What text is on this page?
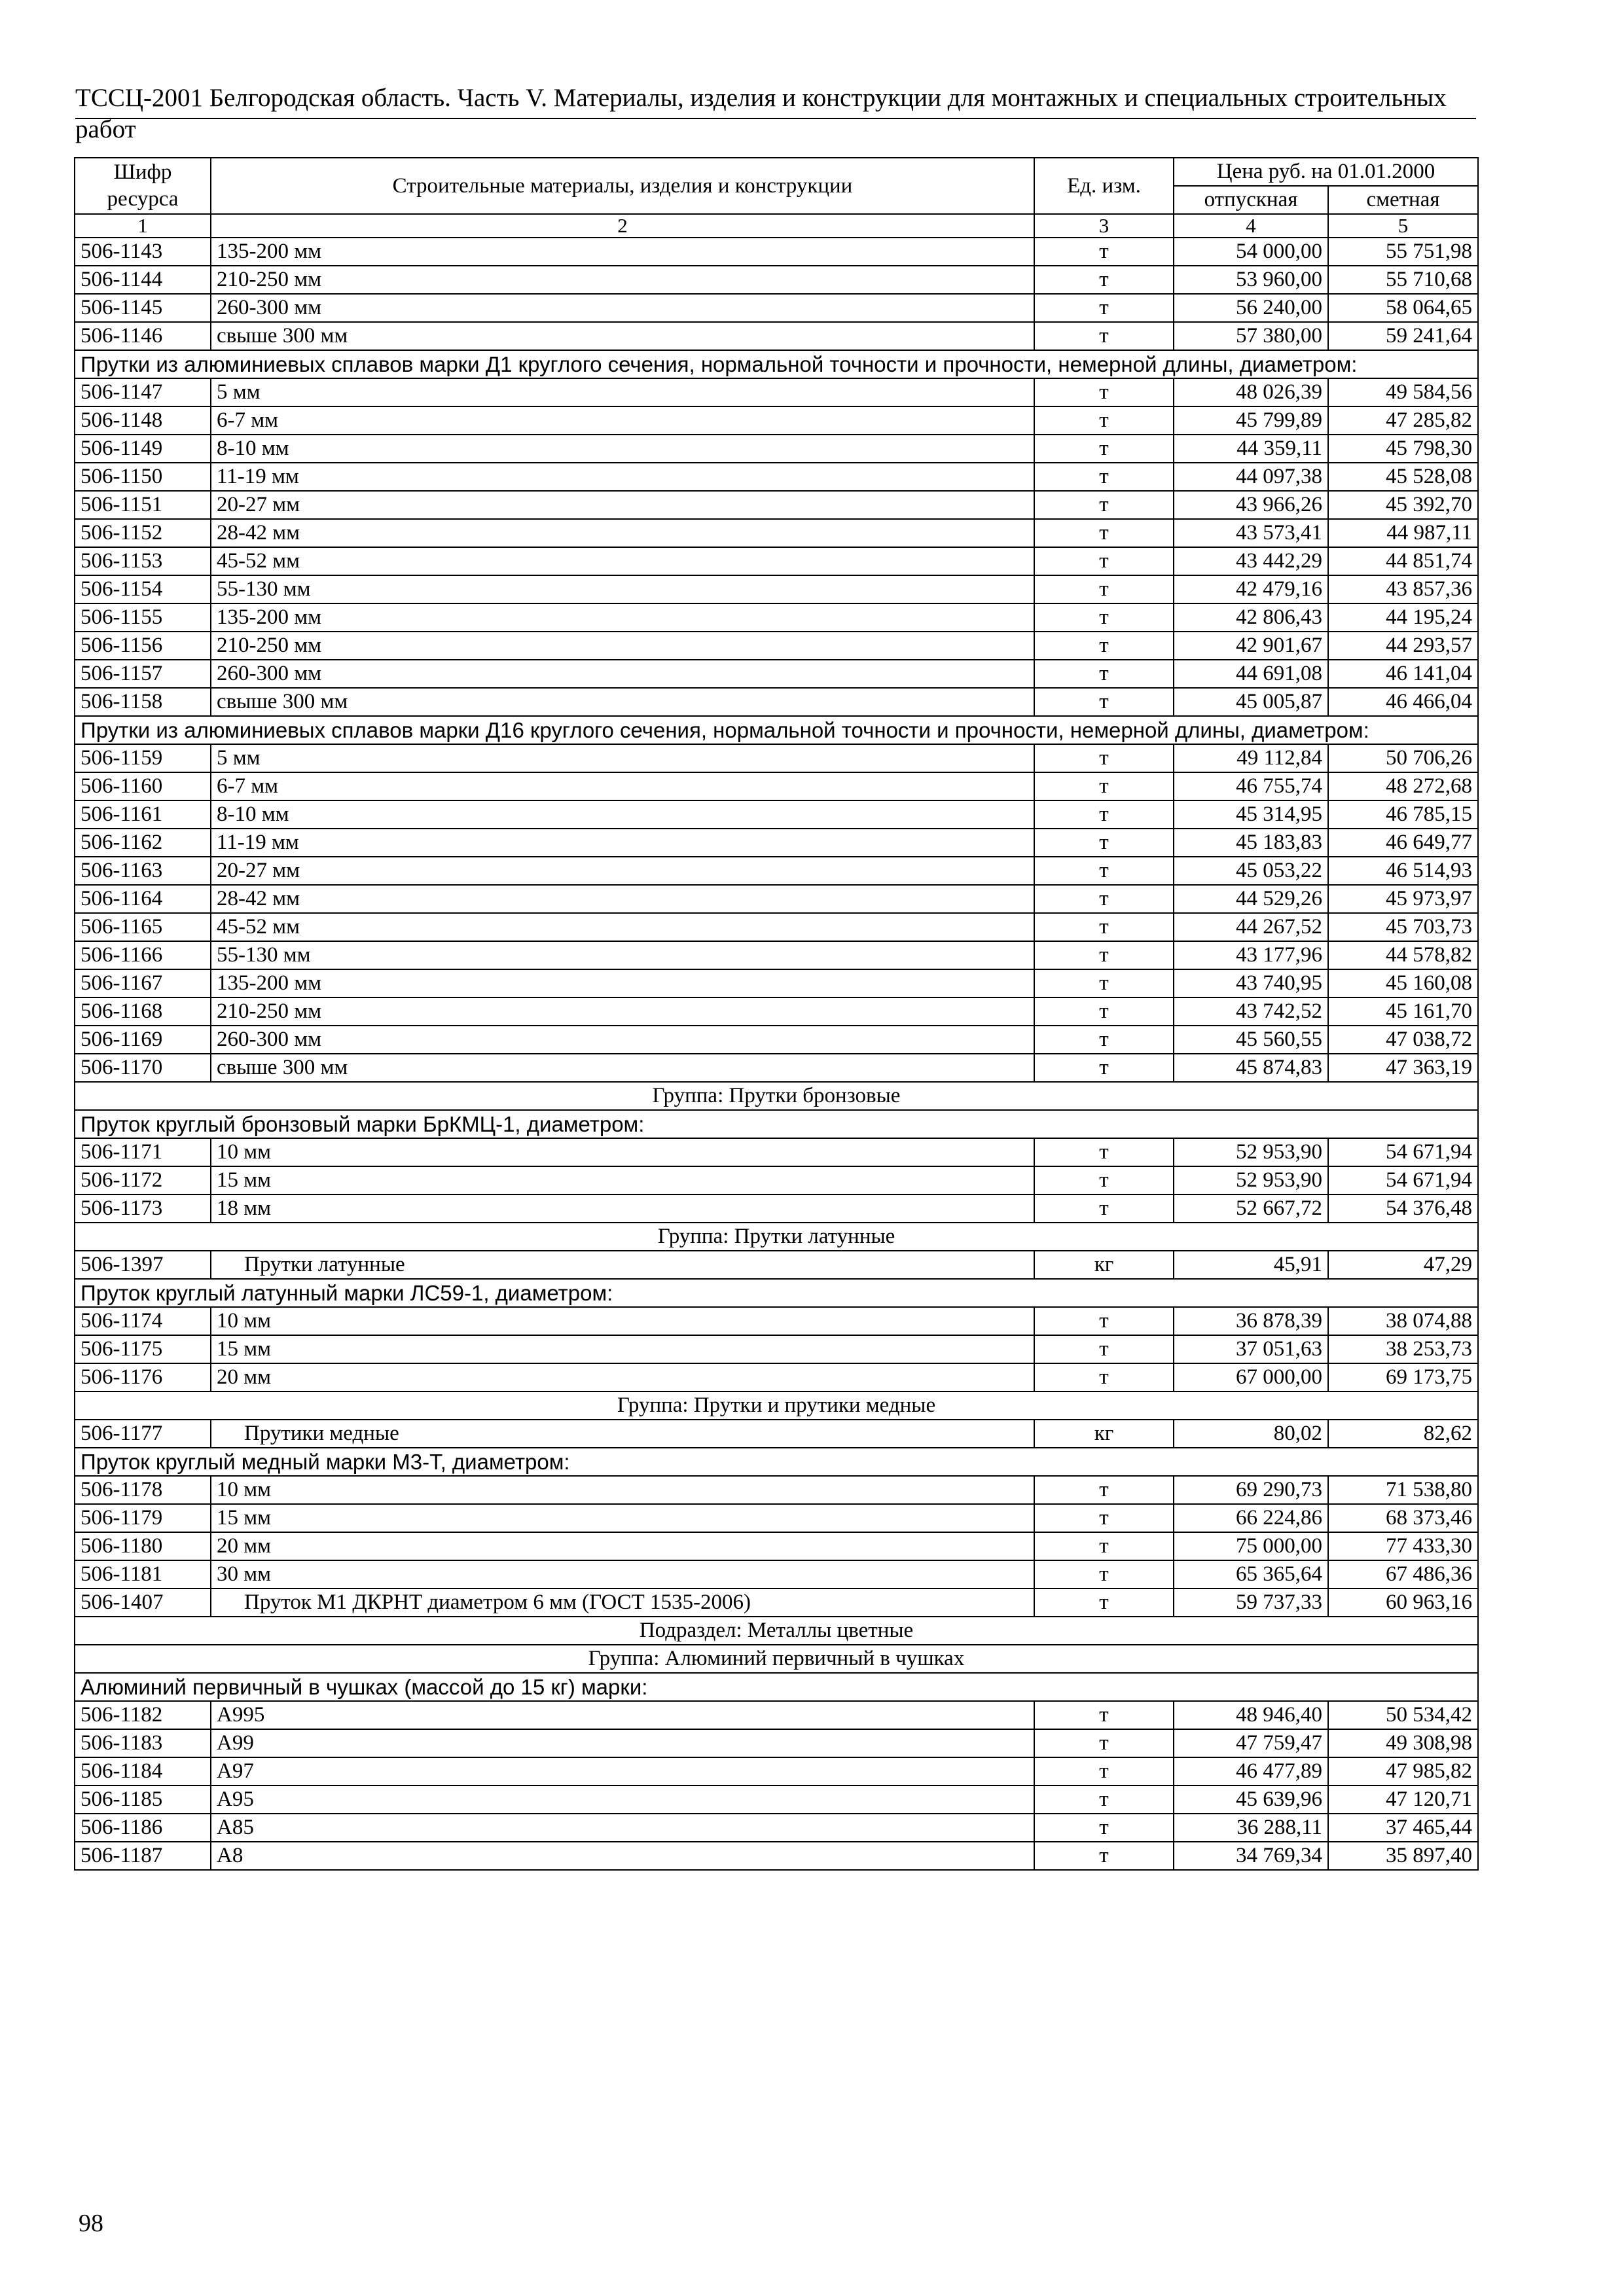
ТССЦ-2001 Белгородская область. Часть V. Материалы, изделия и конструкции для монтажных и специальных строительных работ
Шифр ресурса	Строительные материалы, изделия и конструкции	Ед. изм.	Цена руб. на 01.01.2000	
			отпускная	сметная
1	2	3	4	5
506-1143	135-200 мм	т	54 000,00	55 751,98
506-1144	210-250 мм	т	53 960,00	55 710,68
506-1145	260-300 мм	т	56 240,00	58 064,65
506-1146	свыше 300 мм	т	57 380,00	59 241,64
Прутки из алюминиевых сплавов марки Д1 круглого сечения, нормальной точности и прочности, немерной длины, диаметром:				
506-1147	5 мм	т	48 026,39	49 584,56
506-1148	6-7 мм	т	45 799,89	47 285,82
506-1149	8-10 мм	т	44 359,11	45 798,30
506-1150	11-19 мм	т	44 097,38	45 528,08
506-1151	20-27 мм	т	43 966,26	45 392,70
506-1152	28-42 мм	т	43 573,41	44 987,11
506-1153	45-52 мм	т	43 442,29	44 851,74
506-1154	55-130 мм	т	42 479,16	43 857,36
506-1155	135-200 мм	т	42 806,43	44 195,24
506-1156	210-250 мм	т	42 901,67	44 293,57
506-1157	260-300 мм	т	44 691,08	46 141,04
506-1158	свыше 300 мм	т	45 005,87	46 466,04
Прутки из алюминиевых сплавов марки Д16 круглого сечения, нормальной точности и прочности, немерной длины, диаметром:				
506-1159	5 мм	т	49 112,84	50 706,26
506-1160	6-7 мм	т	46 755,74	48 272,68
506-1161	8-10 мм	т	45 314,95	46 785,15
506-1162	11-19 мм	т	45 183,83	46 649,77
506-1163	20-27 мм	т	45 053,22	46 514,93
506-1164	28-42 мм	т	44 529,26	45 973,97
506-1165	45-52 мм	т	44 267,52	45 703,73
506-1166	55-130 мм	т	43 177,96	44 578,82
506-1167	135-200 мм	т	43 740,95	45 160,08
506-1168	210-250 мм	т	43 742,52	45 161,70
506-1169	260-300 мм	т	45 560,55	47 038,72
506-1170	свыше 300 мм	т	45 874,83	47 363,19
Группа: Прутки бронзовые				
Пруток круглый бронзовый марки БрКМЦ-1, диаметром:				
506-1171	10 мм	т	52 953,90	54 671,94
506-1172	15 мм	т	52 953,90	54 671,94
506-1173	18 мм	т	52 667,72	54 376,48
Группа: Прутки латунные				
506-1397	Прутки латунные	кг	45,91	47,29
Пруток круглый латунный марки ЛС59-1, диаметром:				
506-1174	10 мм	т	36 878,39	38 074,88
506-1175	15 мм	т	37 051,63	38 253,73
506-1176	20 мм	т	67 000,00	69 173,75
Группа: Прутки и прутики медные				
506-1177	Прутики медные	кг	80,02	82,62
Пруток круглый медный марки М3-Т, диаметром:				
506-1178	10 мм	т	69 290,73	71 538,80
506-1179	15 мм	т	66 224,86	68 373,46
506-1180	20 мм	т	75 000,00	77 433,30
506-1181	30 мм	т	65 365,64	67 486,36
506-1407	Пруток М1 ДКРНТ диаметром 6 мм (ГОСТ 1535-2006)	т	59 737,33	60 963,16
Подраздел: Металлы цветные				
Группа: Алюминий первичный в чушках				
Алюминий первичный в чушках (массой до 15 кг) марки:				
506-1182	А995	т	48 946,40	50 534,42
506-1183	А99	т	47 759,47	49 308,98
506-1184	А97	т	46 477,89	47 985,82
506-1185	А95	т	45 639,96	47 120,71
506-1186	А85	т	36 288,11	37 465,44
506-1187	А8	т	34 769,34	35 897,40
98
